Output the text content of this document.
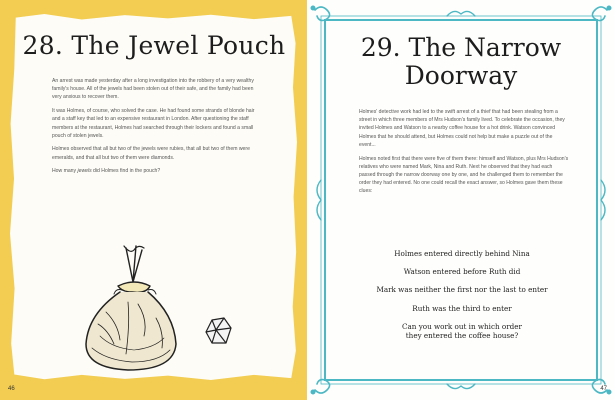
28. The Jewel Pouch

An arrest was made yesterday after a long investigation into the robbery of a very wealthy family's house. All of the jewels had been stolen out of their safe, and the family had been very anxious to recover them.

It was Holmes, of course, who solved the case. He had found some strands of blonde hair and a staff key that led to an expensive restaurant in London. After questioning the staff members at the restaurant, Holmes had searched through their lockers and found a small pouch of stolen jewels.

Holmes observed that all but two of the jewels were rubies, that all but two of them were emeralds, and that all but two of them were diamonds.

How many jewels did Holmes find in the pouch?

46
29. The Narrow
Doorway

Holmes' detective work had led to the swift arrest of a thief that had been stealing from a street in which three members of Mrs Hudson's family lived. To celebrate the occasion, they invited Holmes and Watson to a nearby coffee house for a hot drink. Watson convinced Holmes that he should attend, but Holmes could not help but make a puzzle out of the event...

Holmes noted first that there were five of them there: himself and Watson, plus Mrs Hudson's relatives who were named Mark, Nina and Ruth. Next he observed that they had each passed through the narrow doorway one by one, and he challenged them to remember the order they had entered. No one could recall the exact answer, so Holmes gave them these clues:

Holmes entered directly behind Nina
Watson entered before Ruth did
Mark was neither the first nor the last to enter
Ruth was the third to enter
Can you work out in which order
they entered the coffee house?
47
